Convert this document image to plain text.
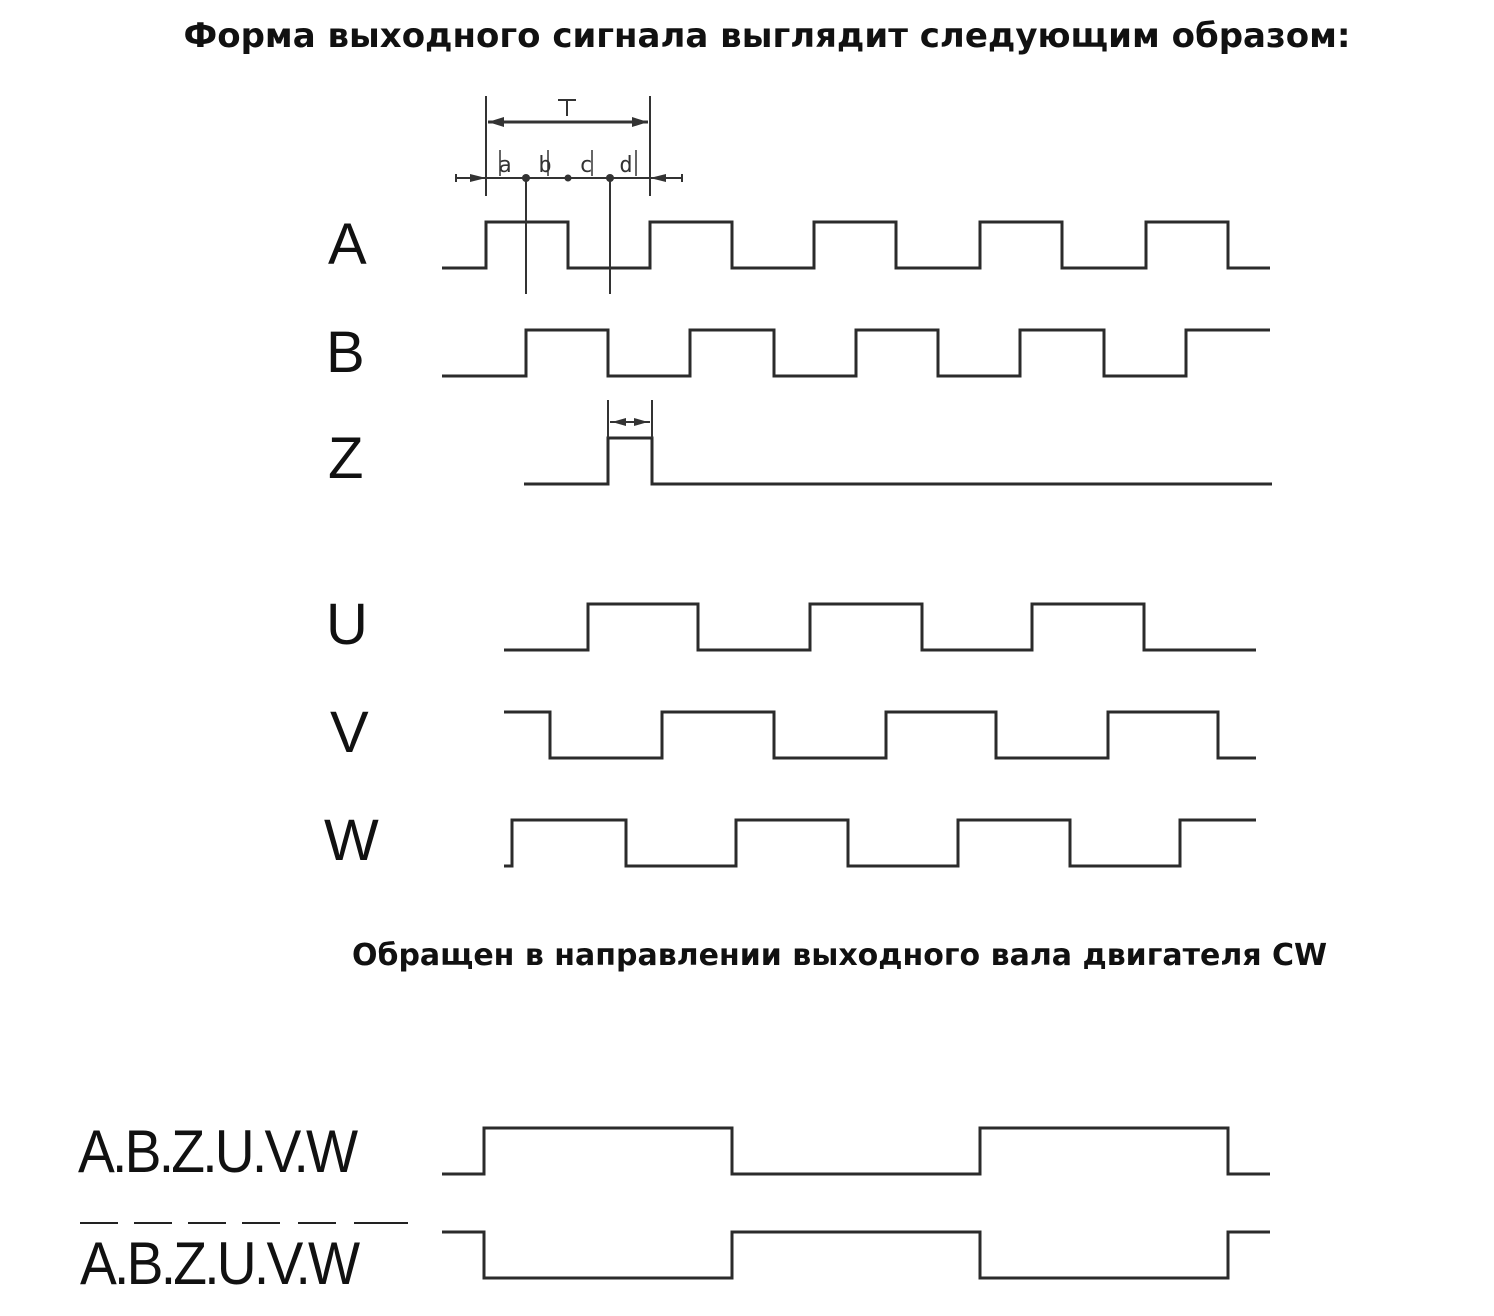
Форма выходного сигнала выглядит следующим образом:
A
B
Z
U
V
W
Обращен в направлении выходного вала двигателя CW
A.B.Z.U.V.W
A.B.Z.U.V.W
a b c d
